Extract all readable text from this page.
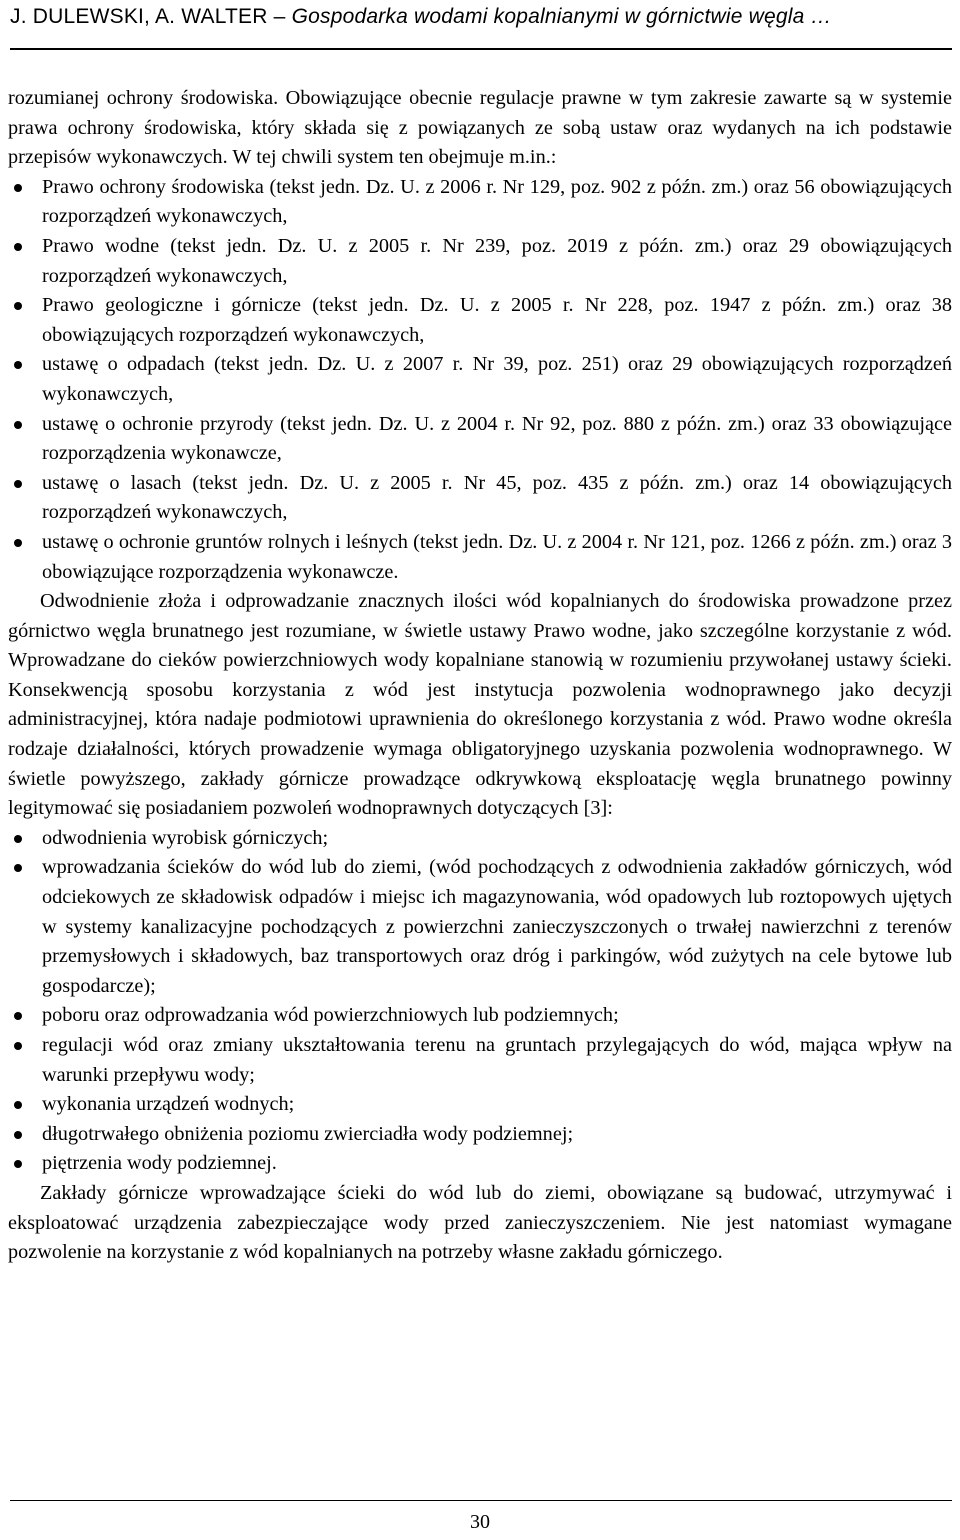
J. DULEWSKI, A. WALTER – Gospodarka wodami kopalnianymi w górnictwie węgla …

rozumianej ochrony środowiska. Obowiązujące obecnie regulacje prawne w tym zakresie zawarte są w systemie prawa ochrony środowiska, który składa się z powiązanych ze sobą ustaw oraz wydanych na ich podstawie przepisów wykonawczych. W tej chwili system ten obejmuje m.in.:

Prawo ochrony środowiska (tekst jedn. Dz. U. z 2006 r. Nr 129, poz. 902 z późn. zm.) oraz 56 obowiązujących rozporządzeń wykonawczych,
Prawo wodne (tekst jedn. Dz. U. z 2005 r. Nr 239, poz. 2019 z późn. zm.) oraz 29 obowiązujących rozporządzeń wykonawczych,
Prawo geologiczne i górnicze (tekst jedn. Dz. U. z 2005 r. Nr 228, poz. 1947 z późn. zm.) oraz 38 obowiązujących rozporządzeń wykonawczych,
ustawę o odpadach (tekst jedn. Dz. U. z 2007 r. Nr 39, poz. 251) oraz 29 obowiązujących rozporządzeń wykonawczych,
ustawę o ochronie przyrody (tekst jedn. Dz. U. z 2004 r. Nr 92, poz. 880 z późn. zm.) oraz 33 obowiązujące rozporządzenia wykonawcze,
ustawę o lasach (tekst jedn. Dz. U. z 2005 r. Nr 45, poz. 435 z późn. zm.) oraz 14 obowiązujących rozporządzeń wykonawczych,
ustawę o ochronie gruntów rolnych i leśnych (tekst jedn. Dz. U. z 2004 r. Nr 121, poz. 1266 z późn. zm.) oraz 3 obowiązujące rozporządzenia wykonawcze.

Odwodnienie złoża i odprowadzanie znacznych ilości wód kopalnianych do środowiska prowadzone przez górnictwo węgla brunatnego jest rozumiane, w świetle ustawy Prawo wodne, jako szczególne korzystanie z wód. Wprowadzane do cieków powierzchniowych wody kopalniane stanowią w rozumieniu przywołanej ustawy ścieki. Konsekwencją sposobu korzystania z wód jest instytucja pozwolenia wodnoprawnego jako decyzji administracyjnej, która nadaje podmiotowi uprawnienia do określonego korzystania z wód. Prawo wodne określa rodzaje działalności, których prowadzenie wymaga obligatoryjnego uzyskania pozwolenia wodnoprawnego. W świetle powyższego, zakłady górnicze prowadzące odkrywkową eksploatację węgla brunatnego powinny legitymować się posiadaniem pozwoleń wodnoprawnych dotyczących [3]:

odwodnienia wyrobisk górniczych;
wprowadzania ścieków do wód lub do ziemi, (wód pochodzących z odwodnienia zakładów górniczych, wód odciekowych ze składowisk odpadów i miejsc ich magazynowania, wód opadowych lub roztopowych ujętych w systemy kanalizacyjne pochodzących z powierzchni zanieczyszczonych o trwałej nawierzchni z terenów przemysłowych i składowych, baz transportowych oraz dróg i parkingów, wód zużytych na cele bytowe lub gospodarcze);
poboru oraz odprowadzania wód powierzchniowych lub podziemnych;
regulacji wód oraz zmiany ukształtowania terenu na gruntach przylegających do wód, mająca wpływ na warunki przepływu wody;
wykonania urządzeń wodnych;
długotrwałego obniżenia poziomu zwierciadła wody podziemnej;
piętrzenia wody podziemnej.

Zakłady górnicze wprowadzające ścieki do wód lub do ziemi, obowiązane są budować, utrzymywać i eksploatować urządzenia zabezpieczające wody przed zanieczyszczeniem. Nie jest natomiast wymagane pozwolenie na korzystanie z wód kopalnianych na potrzeby własne zakładu górniczego.

30
